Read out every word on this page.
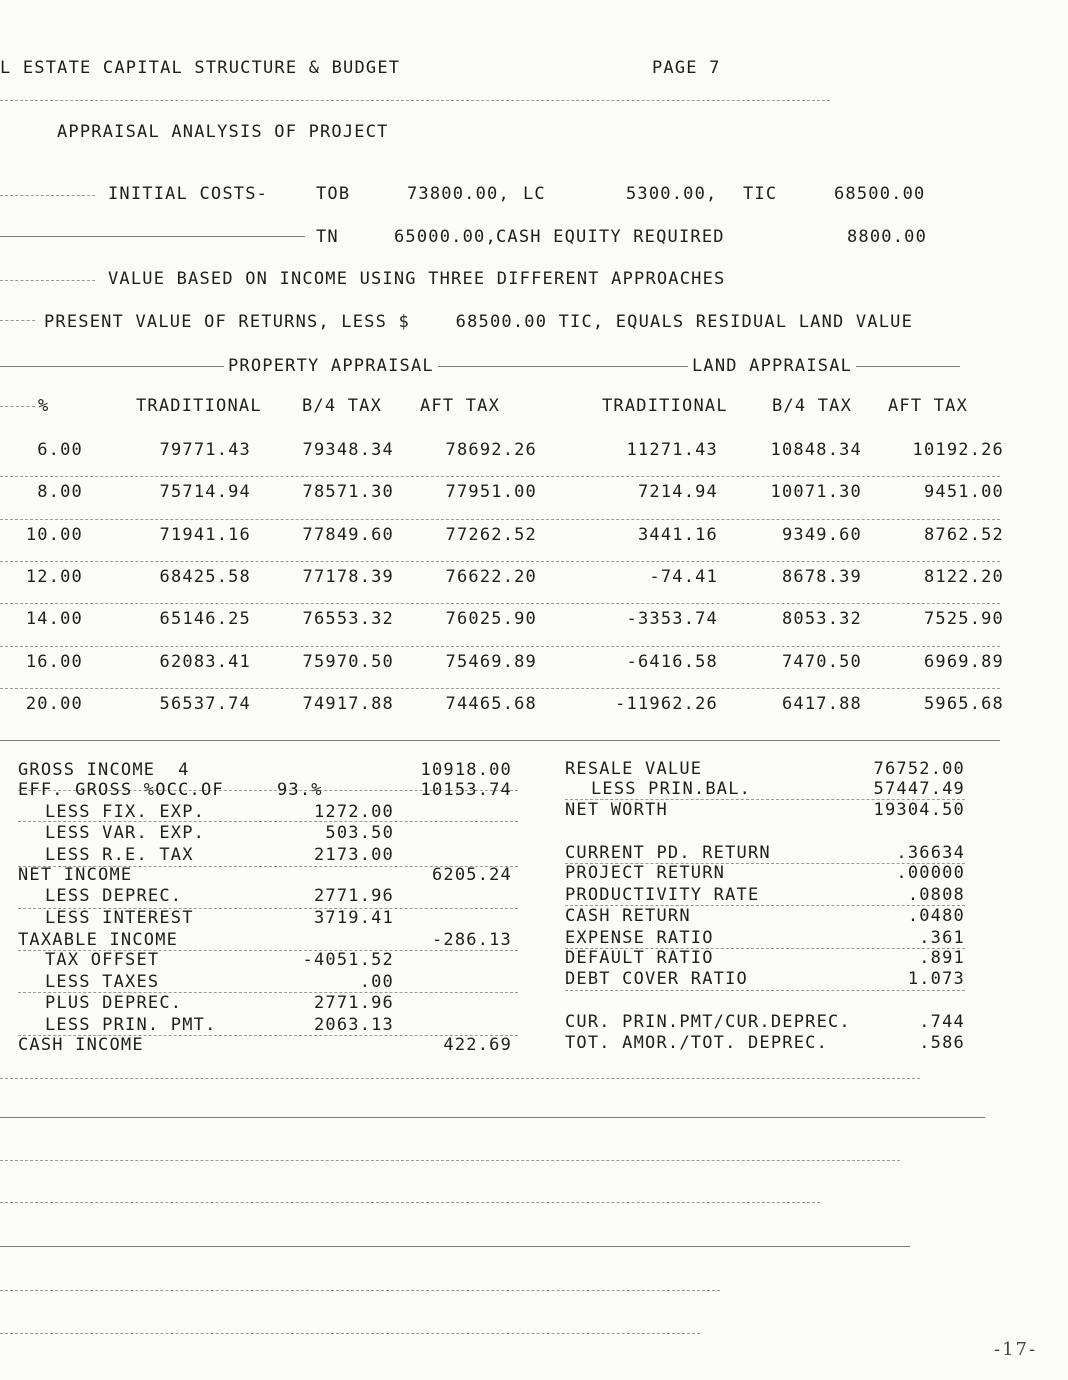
L ESTATE CAPITAL STRUCTURE & BUDGET	PAGE 7
APPRAISAL ANALYSIS OF PROJECT
INITIAL COSTS-	TOB	73800.00, LC	5300.00, TIC	68500.00
TN	65000.00, CASH EQUITY REQUIRED	8800.00
VALUE BASED ON INCOME USING THREE DIFFERENT APPROACHES
PRESENT VALUE OF RETURNS, LESS $    68500.00 TIC, EQUALS RESIDUAL LAND VALUE
PROPERTY APPRAISAL	LAND APPRAISAL
%	TRADITIONAL B/4 TAX AFT TAX	TRADITIONAL	B/4 TAX AFT TAX
6.00	79771.43	79348.34	78692.26	11271.43	10848.34	10192.26
8.00	75714.94	78571.30	77951.00	7214.94	10071.30	9451.00
10.00	71941.16	77849.60	77262.52	3441.16	9349.60	8762.52
12.00	68425.58	77178.39	76622.20	-74.41	8678.39	8122.20
14.00	65146.25	76553.32	76025.90	-3353.74	8053.32	7525.90
16.00	62083.41	75970.50	75469.89	-6416.58	7470.50	6969.89
20.00	56537.74	74917.88	74465.68	-11962.26	6417.88	5965.68
GROSS INCOME  4	10918.00
EFF. GROSS %OCC.OF	93.%	10153.74
LESS FIX. EXP.	1272.00
LESS VAR. EXP.	503.50
LESS R.E. TAX	2173.00
NET INCOME	6205.24
LESS DEPREC.	2771.96
LESS INTEREST	3719.41
TAXABLE INCOME	-286.13
TAX OFFSET	-4051.52
LESS TAXES	.00
PLUS DEPREC.	2771.96
LESS PRIN. PMT.	2063.13
CASH INCOME	422.69
RESALE VALUE	76752.00
LESS PRIN.BAL.	57447.49
NET WORTH	19304.50
CURRENT PD. RETURN	.36634
PROJECT RETURN	.00000
PRODUCTIVITY RATE	.0808
CASH RETURN	.0480
EXPENSE RATIO	.361
DEFAULT RATIO	.891
DEBT COVER RATIO	1.073
CUR. PRIN.PMT/CUR.DEPREC.	.744
TOT. AMOR./TOT. DEPREC.	.586
-17-
